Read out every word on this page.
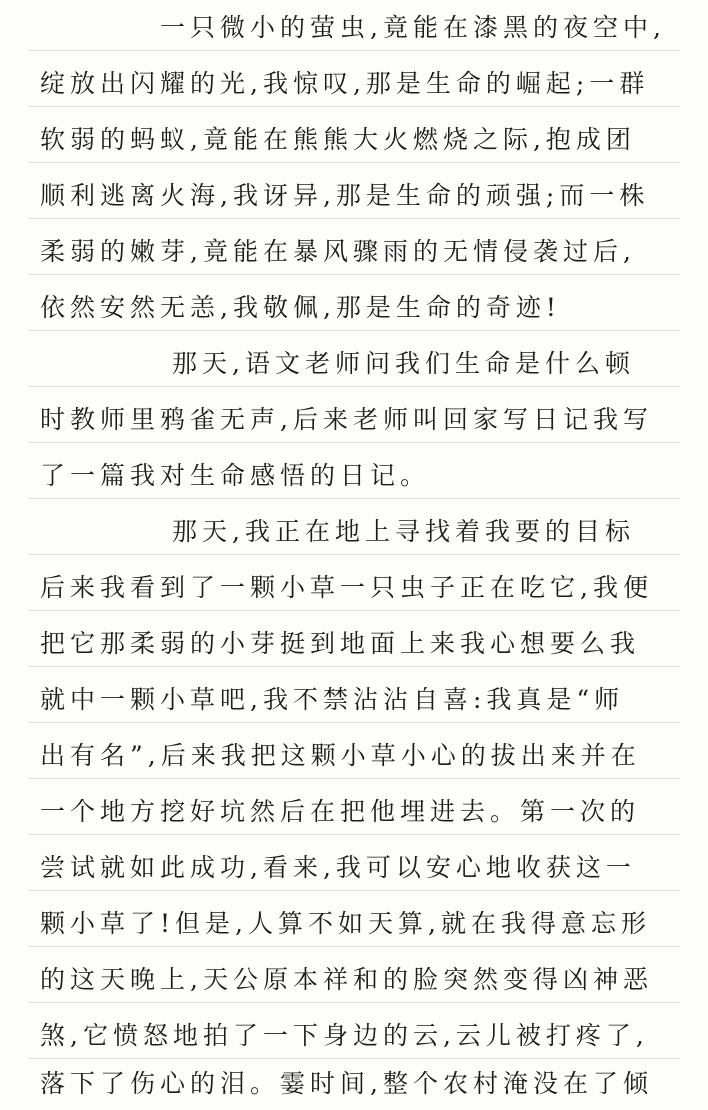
一只微小的萤虫,竟能在漆黑的夜空中,
绽放出闪耀的光,我惊叹,那是生命的崛起;一群
软弱的蚂蚁,竟能在熊熊大火燃烧之际,抱成团
顺利逃离火海,我讶异,那是生命的顽强;而一株
柔弱的嫩芽,竟能在暴风骤雨的无情侵袭过后,
依然安然无恙,我敬佩,那是生命的奇迹!
那天,语文老师问我们生命是什么顿
时教师里鸦雀无声,后来老师叫回家写日记我写
了一篇我对生命感悟的日记。
那天,我正在地上寻找着我要的目标
后来我看到了一颗小草一只虫子正在吃它,我便
把它那柔弱的小芽挺到地面上来我心想要么我
就中一颗小草吧,我不禁沾沾自喜:我真是“师
出有名”,后来我把这颗小草小心的拔出来并在
一个地方挖好坑然后在把他埋进去。第一次的
尝试就如此成功,看来,我可以安心地收获这一
颗小草了!但是,人算不如天算,就在我得意忘形
的这天晚上,天公原本祥和的脸突然变得凶神恶
煞,它愤怒地拍了一下身边的云,云儿被打疼了,
落下了伤心的泪。霎时间,整个农村淹没在了倾
